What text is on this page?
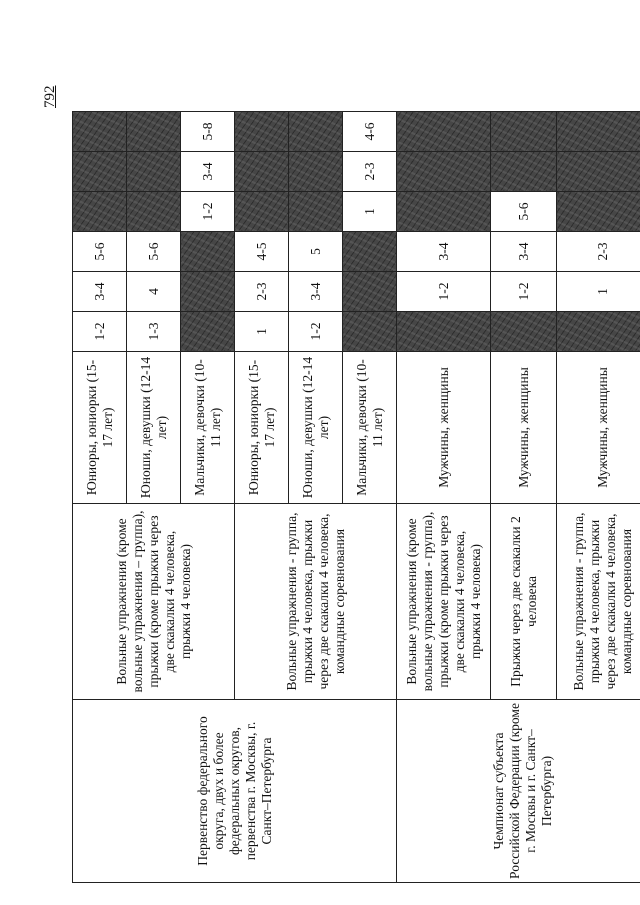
792
Первенство федерального округа, двух и более федеральных округов, первенства г. Москвы, г. Санкт–Петербурга	Вольные упражнения (кроме вольные упражнения – группа), прыжки (кроме прыжки через две скакалки 4 человека, прыжки 4 человека)	Юниоры, юниорки (15-17 лет)	1-2	3-4	5-6			
		Юноши, девушки (12-14 лет)	1-3	4	5-6			
		Мальчики, девочки (10-11 лет)				1-2	3-4	5-8
	Вольные упражнения - группа, прыжки 4 человека, прыжки через две скакалки 4 человека, командные соревнования	Юниоры, юниорки (15-17 лет)	1	2-3	4-5			
		Юноши, девушки (12-14 лет)	1-2	3-4	5			
		Мальчики, девочки (10-11 лет)				1	2-3	4-6
Чемпионат субъекта Российской Федерации (кроме г. Москвы и г. Санкт–Петербурга)	Вольные упражнения (кроме вольные упражнения - группа), прыжки (кроме прыжки через две скакалки 4 человека, прыжки 4 человека)	Мужчины, женщины		1-2	3-4			
	Прыжки через две скакалки 2 человека	Мужчины, женщины		1-2	3-4	5-6		
	Вольные упражнения - группа, прыжки 4 человека, прыжки через две скакалки 4 человека, командные соревнования	Мужчины, женщины		1	2-3			
